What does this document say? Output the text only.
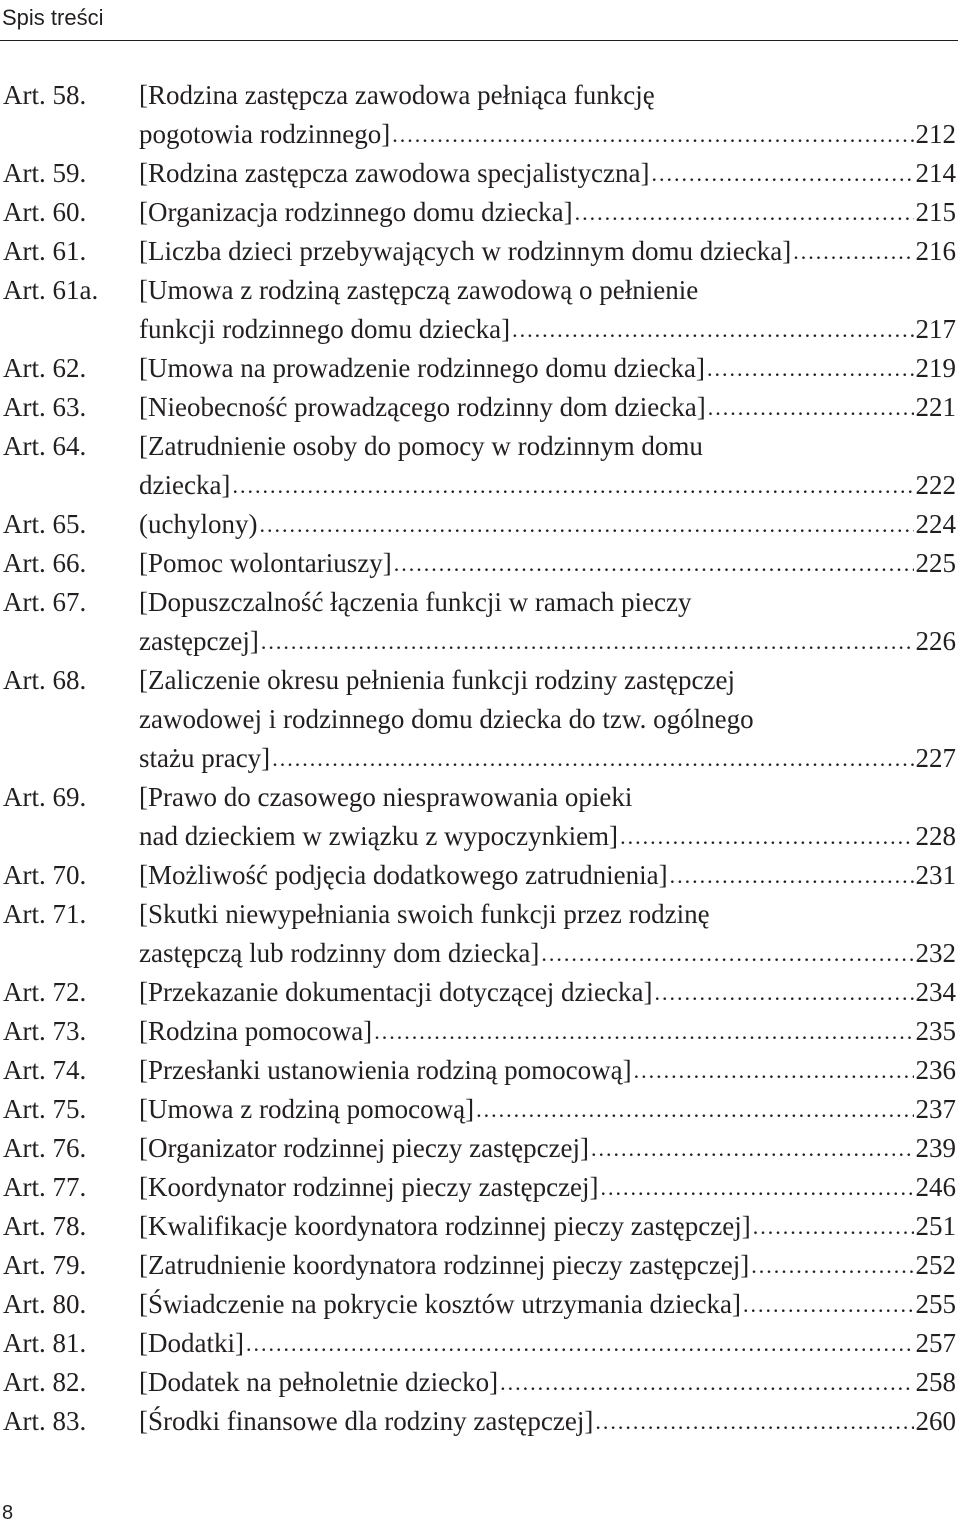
Spis treści
Art. 58.	[Rodzina zastępcza zawodowa pełniąca funkcję
pogotowia rodzinnego] .....	212
Art. 59.	[Rodzina zastępcza zawodowa specjalistyczna] .....	214
Art. 60.	[Organizacja rodzinnego domu dziecka] .....	215
Art. 61.	[Liczba dzieci przebywających w rodzinnym domu dziecka] .....	216
Art. 61a.	[Umowa z rodziną zastępczą zawodową o pełnienie
funkcji rodzinnego domu dziecka] .....	217
Art. 62.	[Umowa na prowadzenie rodzinnego domu dziecka] .....	219
Art. 63.	[Nieobecność prowadzącego rodzinny dom dziecka] .....	221
Art. 64.	[Zatrudnienie osoby do pomocy w rodzinnym domu
dziecka] .....	222
Art. 65.	(uchylony) .....	224
Art. 66.	[Pomoc wolontariuszy] .....	225
Art. 67.	[Dopuszczalność łączenia funkcji w ramach pieczy
zastępczej] .....	226
Art. 68.	[Zaliczenie okresu pełnienia funkcji rodziny zastępczej
zawodowej i rodzinnego domu dziecka do tzw. ogólnego
stażu pracy] .....	227
Art. 69.	[Prawo do czasowego niesprawowania opieki
nad dzieckiem w związku z wypoczynkiem] .....	228
Art. 70.	[Możliwość podjęcia dodatkowego zatrudnienia] .....	231
Art. 71.	[Skutki niewypełniania swoich funkcji przez rodzinę
zastępczą lub rodzinny dom dziecka] .....	232
Art. 72.	[Przekazanie dokumentacji dotyczącej dziecka] .....	234
Art. 73.	[Rodzina pomocowa] .....	235
Art. 74.	[Przesłanki ustanowienia rodziną pomocową] .....	236
Art. 75.	[Umowa z rodziną pomocową] .....	237
Art. 76.	[Organizator rodzinnej pieczy zastępczej] .....	239
Art. 77.	[Koordynator rodzinnej pieczy zastępczej] .....	246
Art. 78.	[Kwalifikacje koordynatora rodzinnej pieczy zastępczej] .....	251
Art. 79.	[Zatrudnienie koordynatora rodzinnej pieczy zastępczej] .....	252
Art. 80.	[Świadczenie na pokrycie kosztów utrzymania dziecka] .....	255
Art. 81.	[Dodatki] .....	257
Art. 82.	[Dodatek na pełnoletnie dziecko] .....	258
Art. 83.	[Środki finansowe dla rodziny zastępczej] .....	260
8
